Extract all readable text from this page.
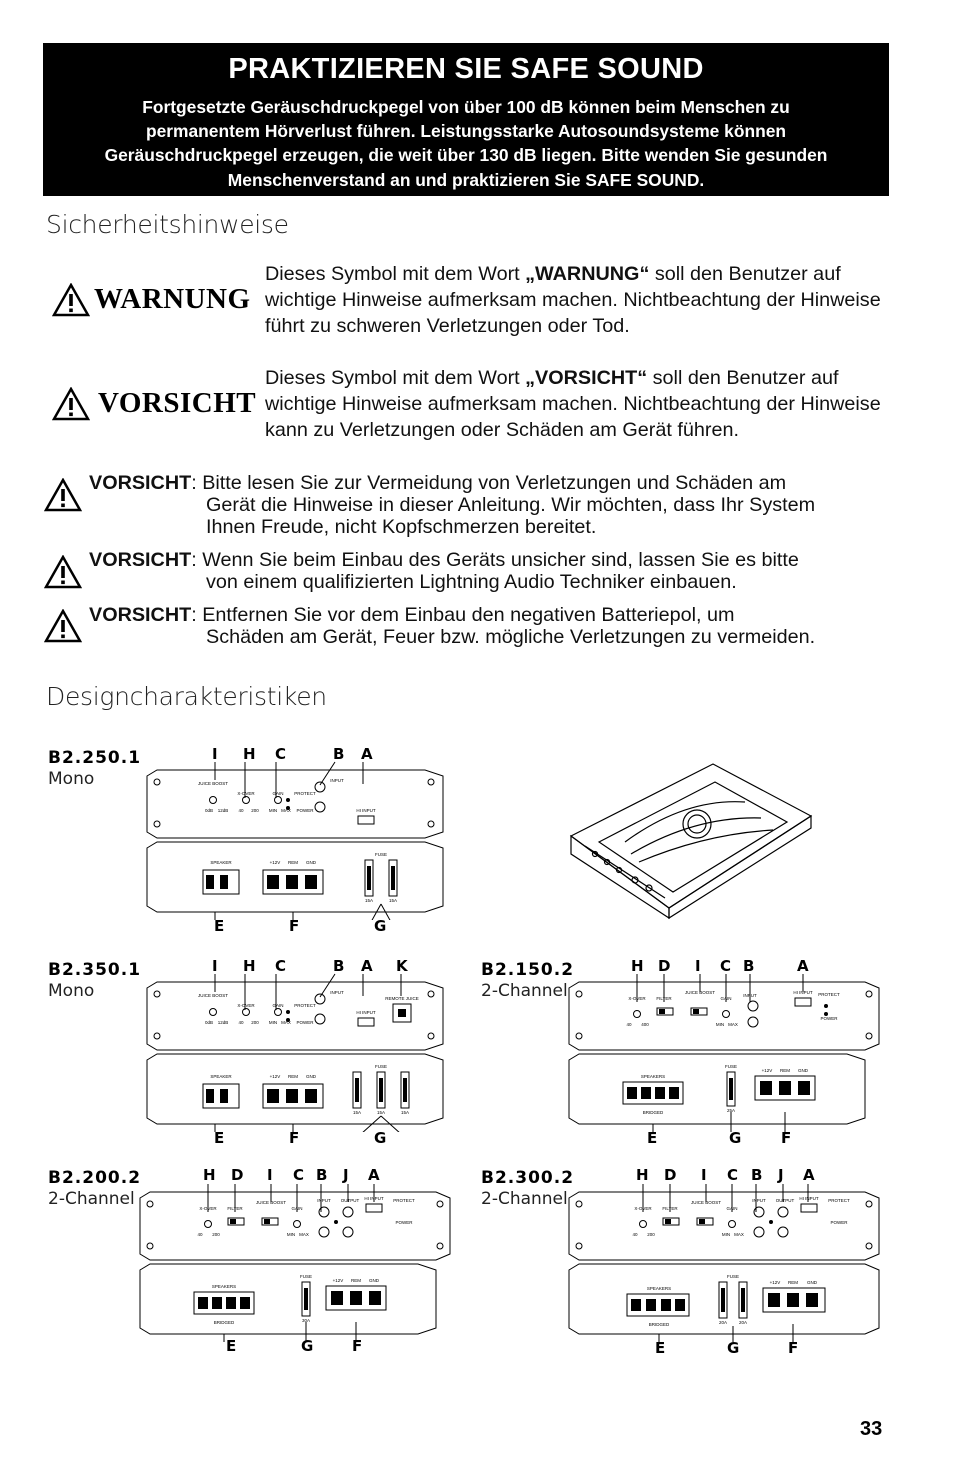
PRAKTIZIEREN SIE SAFE SOUND

Fortgesetzte Geräuschdruckpegel von über 100 dB können beim Menschen zu permanentem Hörverlust führen. Leistungsstarke Autosoundsysteme können Geräuschdruckpegel erzeugen, die weit über 130 dB liegen. Bitte wenden Sie gesunden Menschenverstand an und praktizieren Sie SAFE SOUND.

Sicherheitshinweise
WARNUNG
Dieses Symbol mit dem Wort „WARNUNG“ soll den Benutzer auf wichtige Hinweise aufmerksam machen. Nichtbeachtung der Hinweise führt zu schweren Verletzungen oder Tod.
VORSICHT
Dieses Symbol mit dem Wort „VORSICHT“ soll den Benutzer auf wichtige Hinweise aufmerksam machen. Nichtbeachtung der Hinweise kann zu Verletzungen oder Schäden am Gerät führen.
VORSICHT: Bitte lesen Sie zur Vermeidung von Verletzungen und Schäden am
Gerät die Hinweise in dieser Anleitung. Wir möchten, dass Ihr System
Ihnen Freude, nicht Kopfschmerzen bereitet.
VORSICHT: Wenn Sie beim Einbau des Geräts unsicher sind, lassen Sie es bitte
von einem qualifizierten Lightning Audio Techniker einbauen.
VORSICHT: Entfernen Sie vor dem Einbau den negativen Batteriepol, um
Schäden am Gerät, Feuer bzw. mögliche Verletzungen zu vermeiden.
Designcharakteristiken
B2.250.1
Mono
I H C	B A
JUICE BOOST
X-OVER	GAIN PROTECT
POWER
INPUT
HI INPUT
0dB 12dB 40 200 MIN MAX
SPEAKER	+12V REM GND
FUSE
15A	15A
E	F	G
B2.350.1
Mono
I H C	B A K
JUICE BOOST
X-OVER	GAIN PROTECT
POWER
INPUT
HI INPUT
REMOTE JUICE
0dB 12dB 40 200 MIN MAX
SPEAKER	+12V REM GND
FUSE
15A	15A	15A
E	F	G
B2.150.2
2-Channel
H D I C B	A
X-OVER FILTER
JUICE BOOST
GAIN
INPUT
HI INPUT PROTECT
POWER
40 400	MIN MAX
SPEAKERS
BRIDGED
FUSE
25A
+12V REM GND
E	G	F
B2.200.2
2-Channel
H D I C B J A
X-OVER FILTER
JUICE BOOST
GAIN
INPUT OUTPUT HI INPUT PROTECT
POWER
40 200	MIN MAX
SPEAKERS
BRIDGED
FUSE
30A
+12V REM GND
E	G	F
B2.300.2
2-Channel
H D I C B J A
X-OVER FILTER
JUICE BOOST
GAIN
INPUT OUTPUT HI INPUT PROTECT
POWER
40 200	MIN MAX
SPEAKERS
BRIDGED
FUSE
20A	20A
+12V REM GND
E	G	F
33
